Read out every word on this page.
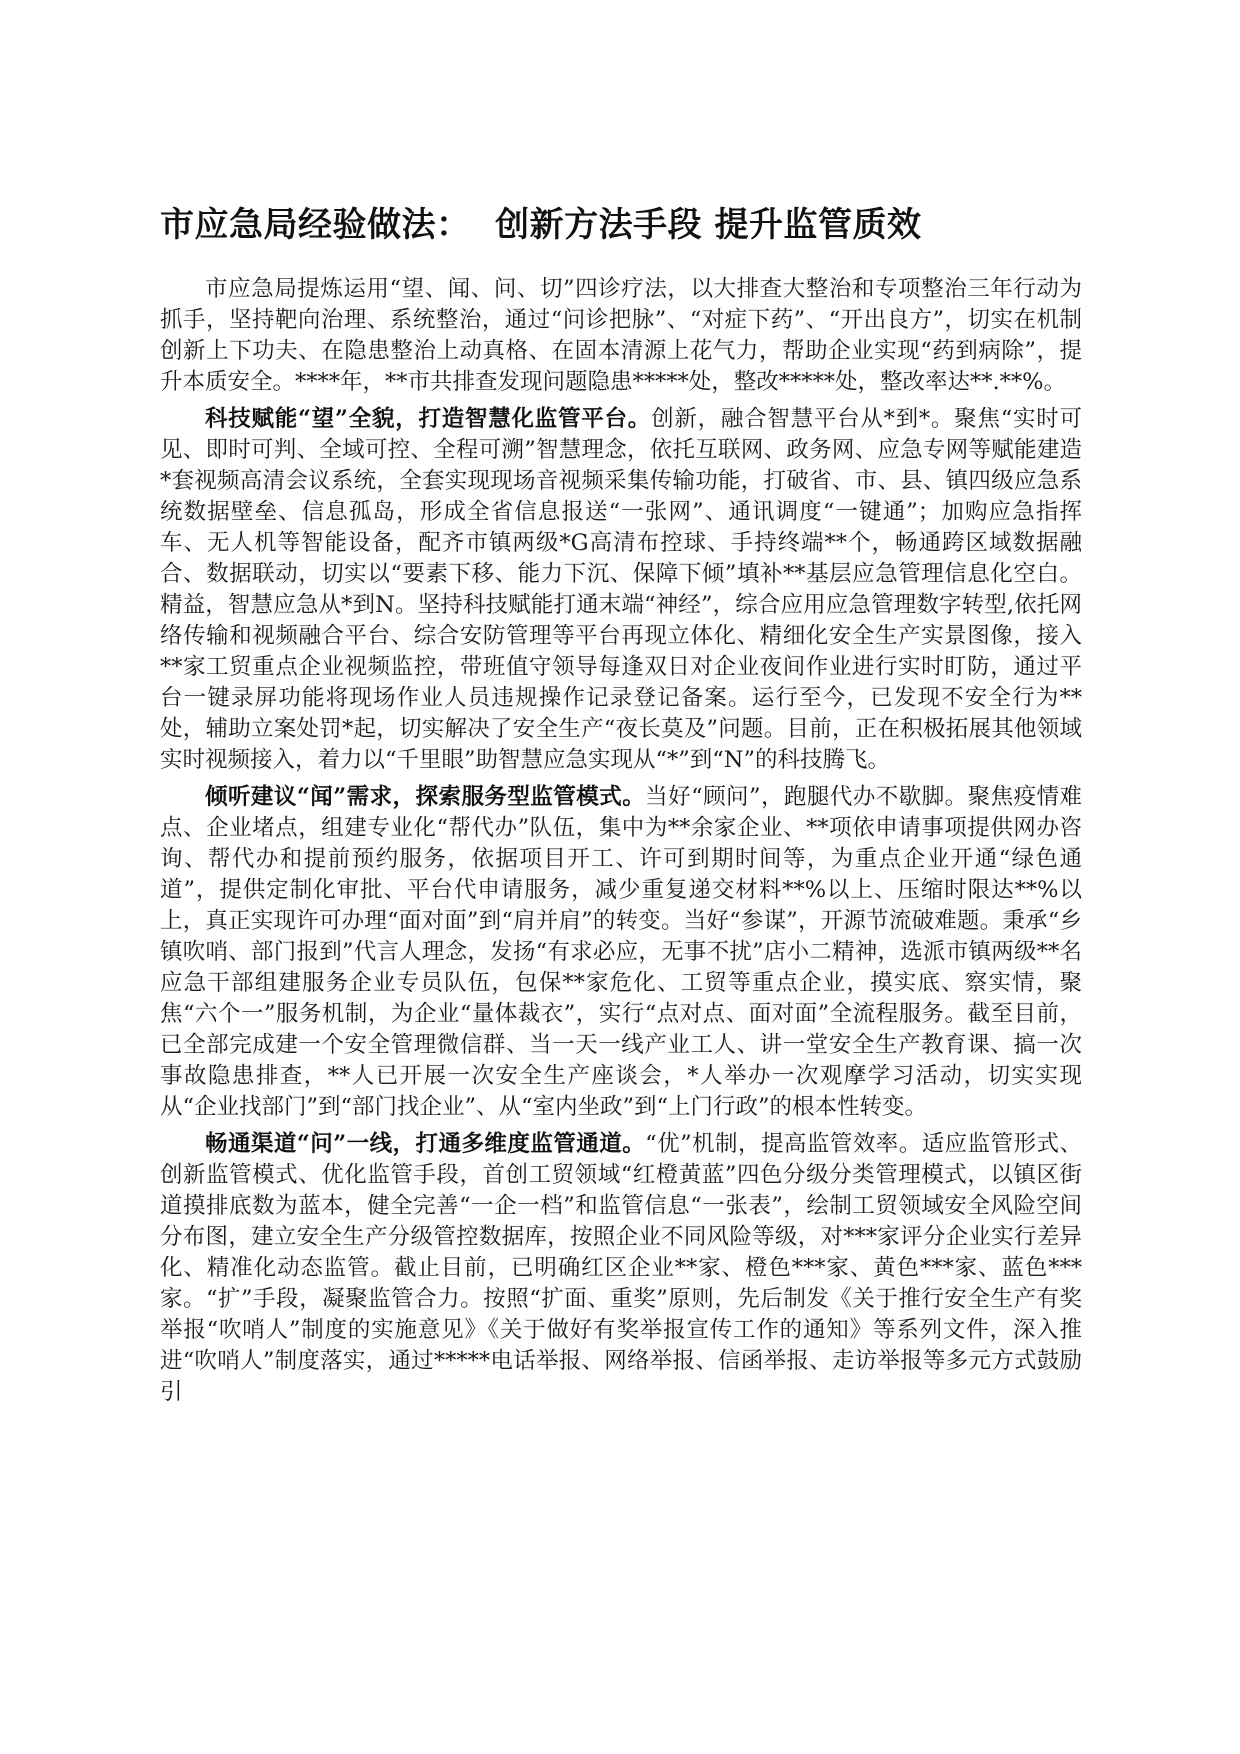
市应急局经验做法：  创新方法手段 提升监管质效

市应急局提炼运用“望、闻、问、切”四诊疗法，以大排查大整治和专项整治三年行动为抓手，坚持靶向治理、系统整治，通过“问诊把脉”、“对症下药”、“开出良方”，切实在机制创新上下功夫、在隐患整治上动真格、在固本清源上花气力，帮助企业实现“药到病除”，提升本质安全。****年，**市共排查发现问题隐患*****处，整改*****处，整改率达**.**%。

科技赋能“望”全貌，打造智慧化监管平台。创新，融合智慧平台从*到*。聚焦“实时可见、即时可判、全域可控、全程可溯”智慧理念，依托互联网、政务网、应急专网等赋能建造*套视频高清会议系统，全套实现现场音视频采集传输功能，打破省、市、县、镇四级应急系统数据壁垒、信息孤岛，形成全省信息报送“一张网”、通讯调度“一键通”；加购应急指挥车、无人机等智能设备，配齐市镇两级*G高清布控球、手持终端**个，畅通跨区域数据融合、数据联动，切实以“要素下移、能力下沉、保障下倾”填补**基层应急管理信息化空白。精益，智慧应急从*到N。坚持科技赋能打通末端“神经”，综合应用应急管理数字转型,依托网络传输和视频融合平台、综合安防管理等平台再现立体化、精细化安全生产实景图像，接入**家工贸重点企业视频监控，带班值守领导每逢双日对企业夜间作业进行实时盯防，通过平台一键录屏功能将现场作业人员违规操作记录登记备案。运行至今，已发现不安全行为**处，辅助立案处罚*起，切实解决了安全生产“夜长莫及”问题。目前，正在积极拓展其他领域实时视频接入，着力以“千里眼”助智慧应急实现从“*”到“N”的科技腾飞。

倾听建议“闻”需求，探索服务型监管模式。当好“顾问”，跑腿代办不歇脚。聚焦疫情难点、企业堵点，组建专业化“帮代办”队伍，集中为**余家企业、**项依申请事项提供网办咨询、帮代办和提前预约服务，依据项目开工、许可到期时间等，为重点企业开通“绿色通道”，提供定制化审批、平台代申请服务，减少重复递交材料**%以上、压缩时限达**%以上，真正实现许可办理“面对面”到“肩并肩”的转变。当好“参谋”，开源节流破难题。秉承“乡镇吹哨、部门报到”代言人理念，发扬“有求必应，无事不扰”店小二精神，选派市镇两级**名应急干部组建服务企业专员队伍，包保**家危化、工贸等重点企业，摸实底、察实情，聚焦“六个一”服务机制，为企业“量体裁衣”，实行“点对点、面对面”全流程服务。截至目前，已全部完成建一个安全管理微信群、当一天一线产业工人、讲一堂安全生产教育课、搞一次事故隐患排查，**人已开展一次安全生产座谈会，*人举办一次观摩学习活动，切实实现从“企业找部门”到“部门找企业”、从“室内坐政”到“上门行政”的根本性转变。

畅通渠道“问”一线，打通多维度监管通道。“优”机制，提高监管效率。适应监管形式、创新监管模式、优化监管手段，首创工贸领域“红橙黄蓝”四色分级分类管理模式，以镇区街道摸排底数为蓝本，健全完善“一企一档”和监管信息“一张表”，绘制工贸领域安全风险空间分布图，建立安全生产分级管控数据库，按照企业不同风险等级，对***家评分企业实行差异化、精准化动态监管。截止目前，已明确红区企业**家、橙色***家、黄色***家、蓝色***家。“扩”手段，凝聚监管合力。按照“扩面、重奖”原则，先后制发《关于推行安全生产有奖举报“吹哨人”制度的实施意见》《关于做好有奖举报宣传工作的通知》等系列文件，深入推进“吹哨人”制度落实，通过*****电话举报、网络举报、信函举报、走访举报等多元方式鼓励引
